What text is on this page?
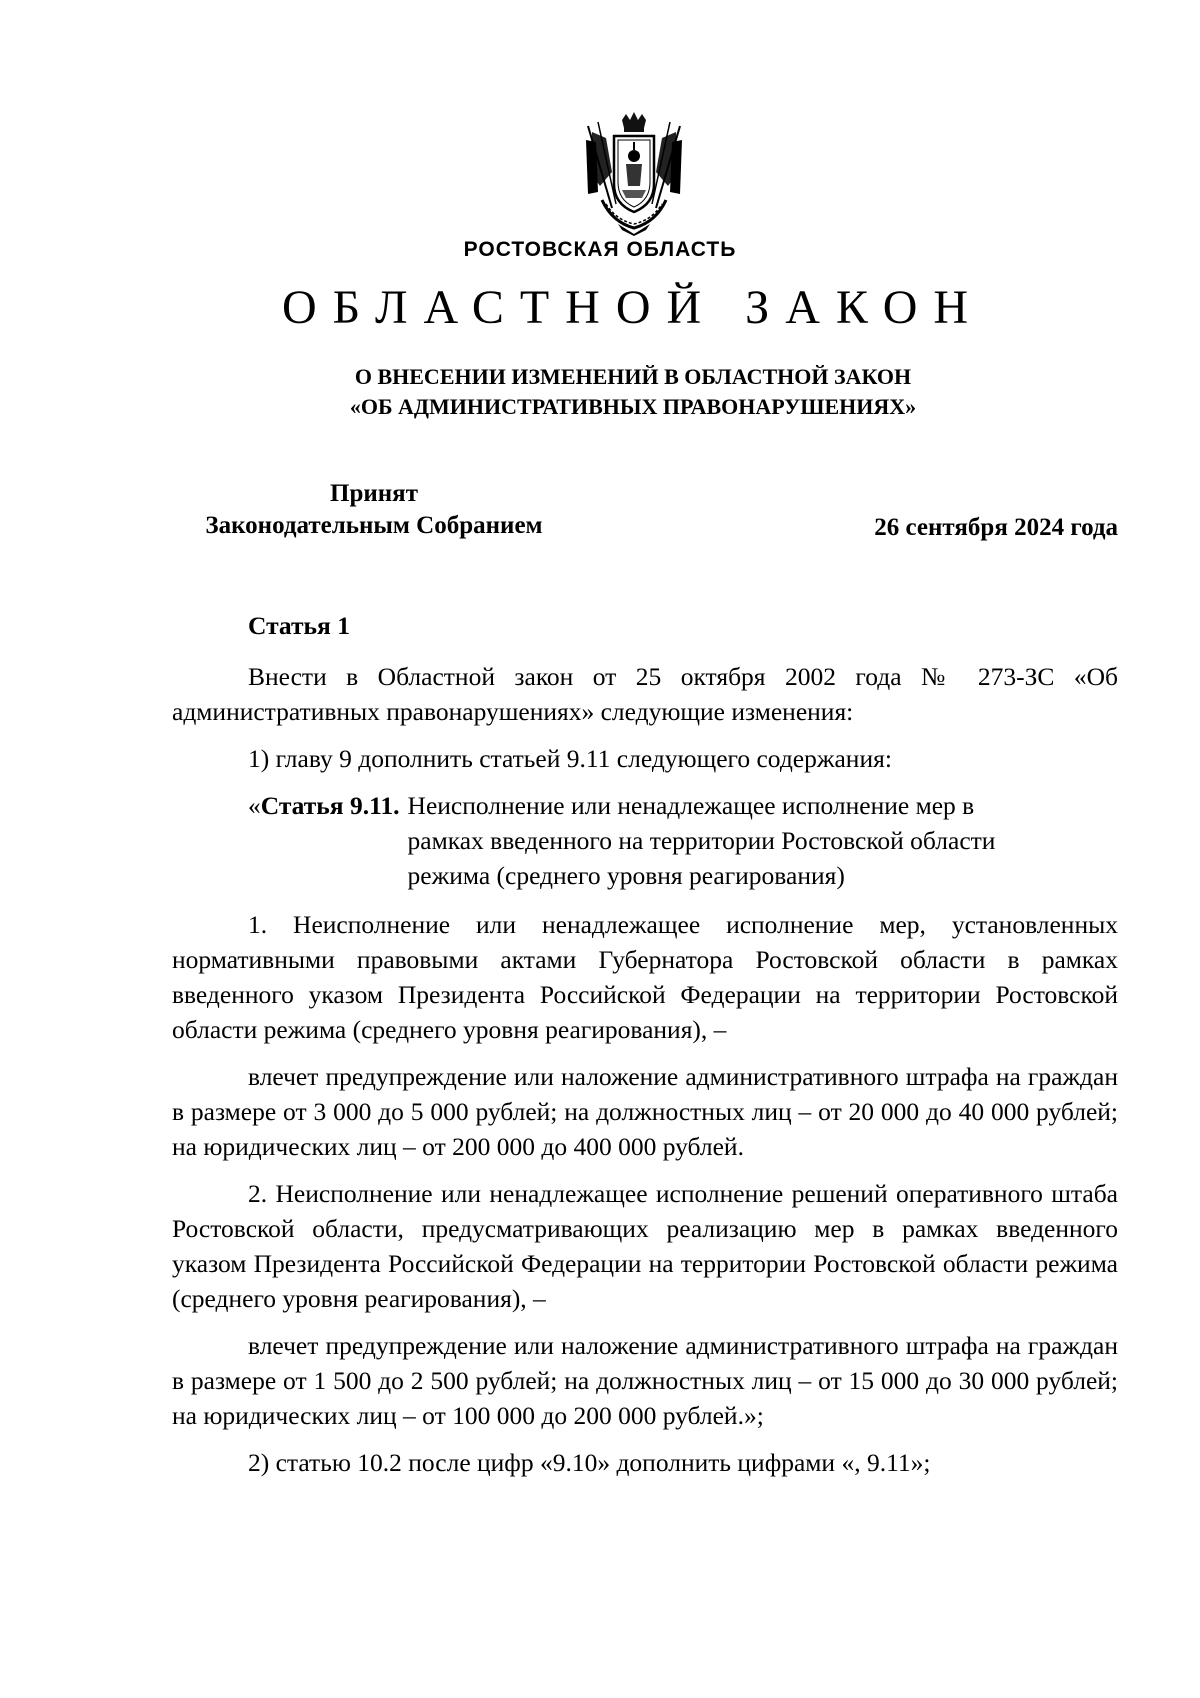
РОСТОВСКАЯ ОБЛАСТЬ
ОБЛАСТНОЙ ЗАКОН
О ВНЕСЕНИИ ИЗМЕНЕНИЙ В ОБЛАСТНОЙ ЗАКОН
«ОБ АДМИНИСТРАТИВНЫХ ПРАВОНАРУШЕНИЯХ»
Принят
Законодательным Собранием	26 сентября 2024 года

Статья 1

Внести в Областной закон от 25 октября 2002 года № 273-ЗС «Об административных правонарушениях» следующие изменения:

1) главу 9 дополнить статьей 9.11 следующего содержания:

«Статья 9.11. Неисполнение или ненадлежащее исполнение мер в рамках введенного на территории Ростовской области режима (среднего уровня реагирования)

1. Неисполнение или ненадлежащее исполнение мер, установленных нормативными правовыми актами Губернатора Ростовской области в рамках введенного указом Президента Российской Федерации на территории Ростовской области режима (среднего уровня реагирования), –

влечет предупреждение или наложение административного штрафа на граждан в размере от 3 000 до 5 000 рублей; на должностных лиц – от 20 000 до 40 000 рублей; на юридических лиц – от 200 000 до 400 000 рублей.

2. Неисполнение или ненадлежащее исполнение решений оперативного штаба Ростовской области, предусматривающих реализацию мер в рамках введенного указом Президента Российской Федерации на территории Ростовской области режима (среднего уровня реагирования), –

влечет предупреждение или наложение административного штрафа на граждан в размере от 1 500 до 2 500 рублей; на должностных лиц – от 15 000 до 30 000 рублей; на юридических лиц – от 100 000 до 200 000 рублей.»;

2) статью 10.2 после цифр «9.10» дополнить цифрами «, 9.11»;
